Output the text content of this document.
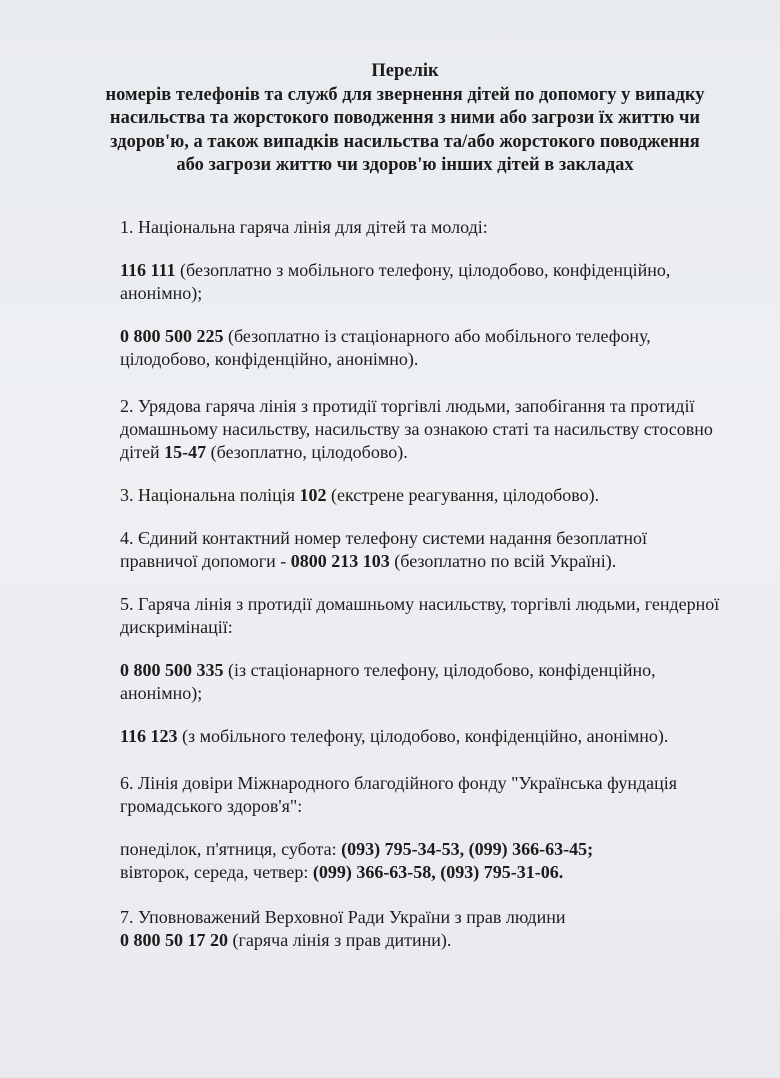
Перелік
номерів телефонів та служб для звернення дітей по допомогу у випадку насильства та жорстокого поводження з ними або загрози їх життю чи здоров'ю, а також випадків насильства та/або жорстокого поводження або загрози життю чи здоров'ю інших дітей в закладах

1. Національна гаряча лінія для дітей та молоді:

116 111 (безоплатно з мобільного телефону, цілодобово, конфіденційно, анонімно);

0 800 500 225 (безоплатно із стаціонарного або мобільного телефону, цілодобово, конфіденційно, анонімно).

2. Урядова гаряча лінія з протидії торгівлі людьми, запобігання та протидії домашньому насильству, насильству за ознакою статі та насильству стосовно дітей 15-47 (безоплатно, цілодобово).

3. Національна поліція 102 (екстрене реагування, цілодобово).

4. Єдиний контактний номер телефону системи надання безоплатної правничої допомоги - 0800 213 103 (безоплатно по всій Україні).

5. Гаряча лінія з протидії домашньому насильству, торгівлі людьми, гендерної дискримінації:

0 800 500 335 (із стаціонарного телефону, цілодобово, конфіденційно, анонімно);

116 123 (з мобільного телефону, цілодобово, конфіденційно, анонімно).

6. Лінія довіри Міжнародного благодійного фонду "Українська фундація громадського здоров'я":

понеділок, п'ятниця, субота: (093) 795-34-53, (099) 366-63-45;
вівторок, середа, четвер: (099) 366-63-58, (093) 795-31-06.

7. Уповноважений Верховної Ради України з прав людини
0 800 50 17 20 (гаряча лінія з прав дитини).
